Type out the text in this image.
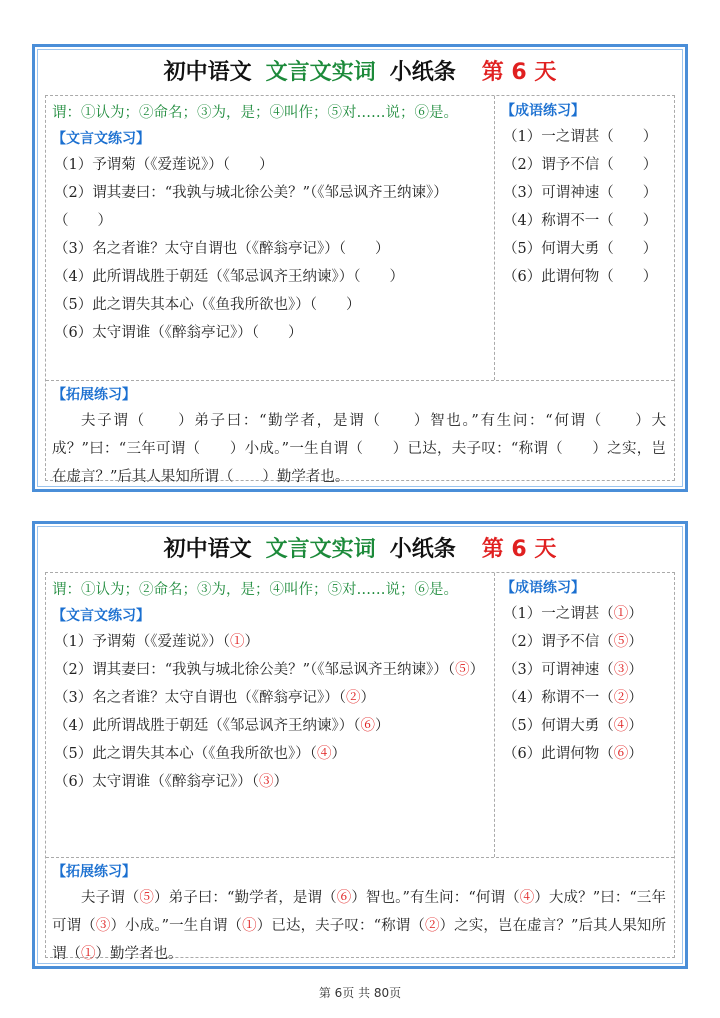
初中语文 文言文实词 小纸条 第 6 天
谓：①认为；②命名；③为，是；④叫作；⑤对……说；⑥是。
【文言文练习】
（1）予谓菊（《爱莲说》）（　　）
（2）谓其妻曰：“我孰与城北徐公美？”（《邹忌讽齐王纳谏》）（　　）
（3）名之者谁？太守自谓也（《醉翁亭记》）（　　）
（4）此所谓战胜于朝廷（《邹忌讽齐王纳谏》）（　　）
（5）此之谓失其本心（《鱼我所欲也》）（　　）
（6）太守谓谁（《醉翁亭记》）（　　）
【成语练习】
（1）一之谓甚（　　）
（2）谓予不信（　　）
（3）可谓神速（　　）
（4）称谓不一（　　）
（5）何谓大勇（　　）
（6）此谓何物（　　）
【拓展练习】
夫子谓（　　）弟子曰：“勤学者，是谓（　　）智也。”有生问：“何谓（　　）大成？”曰：“三年可谓（　　）小成。”一生自谓（　　）已达，夫子叹：“称谓（　　）之实，岂在虚言？”后其人果知所谓（　　）勤学者也。
初中语文 文言文实词 小纸条 第 6 天
谓：①认为；②命名；③为，是；④叫作；⑤对……说；⑥是。
【文言文练习】
（1）予谓菊（《爱莲说》）（①）
（2）谓其妻曰：“我孰与城北徐公美？”（《邹忌讽齐王纳谏》）（⑤）
（3）名之者谁？太守自谓也（《醉翁亭记》）（②）
（4）此所谓战胜于朝廷（《邹忌讽齐王纳谏》）（⑥）
（5）此之谓失其本心（《鱼我所欲也》）（④）
（6）太守谓谁（《醉翁亭记》）（③）
【成语练习】
（1）一之谓甚（①）
（2）谓予不信（⑤）
（3）可谓神速（③）
（4）称谓不一（②）
（5）何谓大勇（④）
（6）此谓何物（⑥）
【拓展练习】
夫子谓（⑤）弟子曰：“勤学者，是谓（⑥）智也。”有生问：“何谓（④）大成？”曰：“三年可谓（③）小成。”一生自谓（①）已达，夫子叹：“称谓（②）之实，岂在虚言？”后其人果知所谓（①）勤学者也。
第 6页 共 80页
